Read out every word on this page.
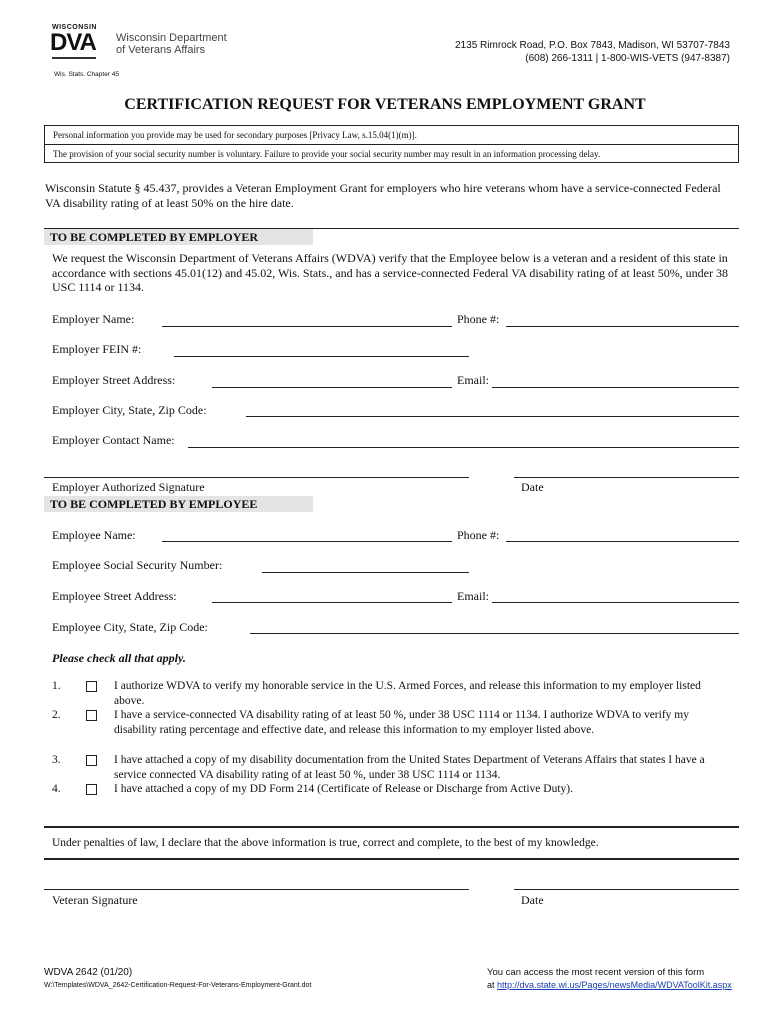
WISCONSIN
DVA Wisconsin Department
of Veterans Affairs	2135 Rimrock Road, P.O. Box 7843, Madison, WI 53707-7843
(608) 266-1311 | 1-800-WIS-VETS (947-8387)
Wis. Stats. Chapter 45
CERTIFICATION REQUEST FOR VETERANS EMPLOYMENT GRANT
Personal information you provide may be used for secondary purposes [Privacy Law, s.15.04(1)(m)].
The provision of your social security number is voluntary. Failure to provide your social security number may result in an information processing delay.
Wisconsin Statute § 45.437, provides a Veteran Employment Grant for employers who hire veterans whom have a service-connected Federal VA disability rating of at least 50% on the hire date.
TO BE COMPLETED BY EMPLOYER
We request the Wisconsin Department of Veterans Affairs (WDVA) verify that the Employee below is a veteran and a resident of this state in accordance with sections 45.01(12) and 45.02, Wis. Stats., and has a service-connected Federal VA disability rating of at least 50%, under 38 USC 1114 or 1134.
Employer Name:	Phone #:
Employer FEIN #:
Employer Street Address:	Email:
Employer City, State, Zip Code:
Employer Contact Name:
Employer Authorized Signature	Date
TO BE COMPLETED BY EMPLOYEE
Employee Name:	Phone #:
Employee Social Security Number:
Employee Street Address:	Email:
Employee City, State, Zip Code:
Please check all that apply.
1.	I authorize WDVA to verify my honorable service in the U.S. Armed Forces, and release this information to my employer listed above.
2.	I have a service-connected VA disability rating of at least 50 %, under 38 USC 1114 or 1134. I authorize WDVA to verify my disability rating percentage and effective date, and release this information to my employer listed above.
3.	I have attached a copy of my disability documentation from the United States Department of Veterans Affairs that states I have a service connected VA disability rating of at least 50 %, under 38 USC 1114 or 1134.
4.	I have attached a copy of my DD Form 214 (Certificate of Release or Discharge from Active Duty).
Under penalties of law, I declare that the above information is true, correct and complete, to the best of my knowledge.
Veteran Signature	Date
WDVA 2642 (01/20)
W:\Templates\WDVA_2642-Certification-Request-For-Veterans-Employment-Grant.dot
You can access the most recent version of this form
at http://dva.state.wi.us/Pages/newsMedia/WDVAToolKit.aspx
